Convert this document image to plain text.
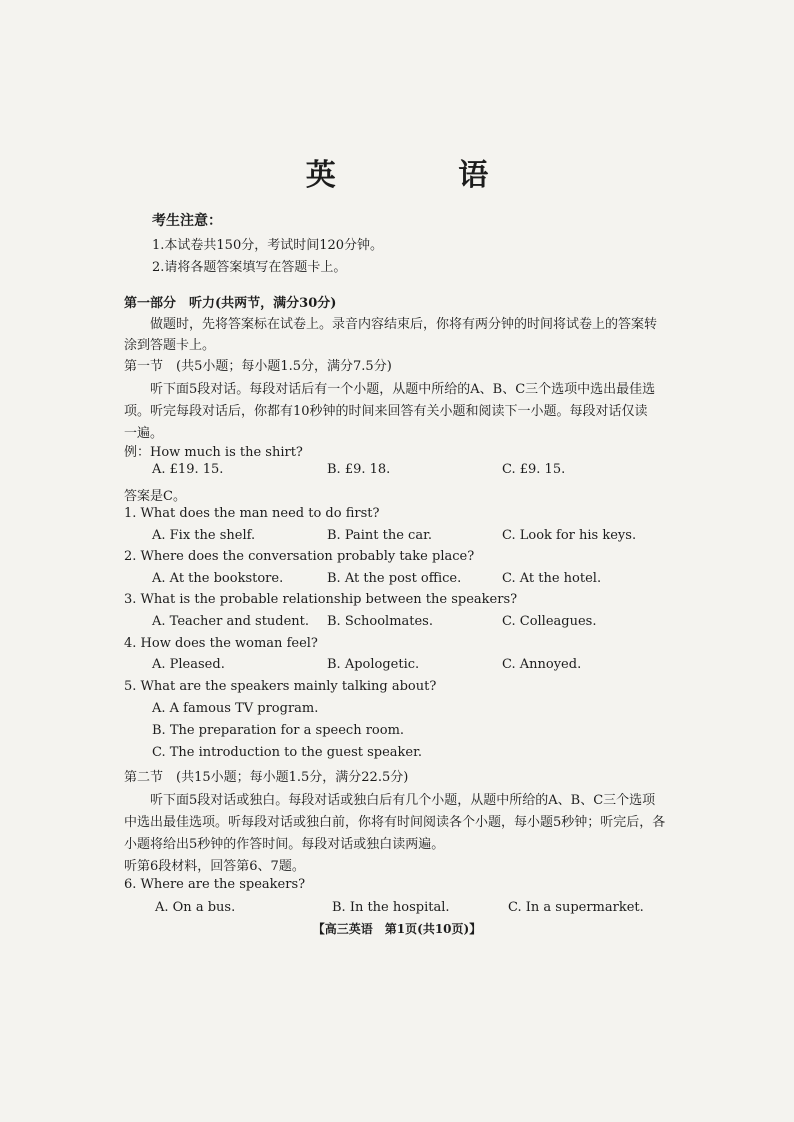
英 语
考生注意：
1.本试卷共150分，考试时间120分钟。
2.请将各题答案填写在答题卡上。
第一部分　听力(共两节，满分30分)
做题时，先将答案标在试卷上。录音内容结束后，你将有两分钟的时间将试卷上的答案转
涂到答题卡上。
第一节　(共5小题；每小题1.5分，满分7.5分)
听下面5段对话。每段对话后有一个小题，从题中所给的A、B、C三个选项中选出最佳选
项。听完每段对话后，你都有10秒钟的时间来回答有关小题和阅读下一小题。每段对话仅读
一遍。
例：How much is the shirt?
A. £19. 15.	B. £9. 18.	C. £9. 15.
答案是C。
1. What does the man need to do first?
A. Fix the shelf.	B. Paint the car.	C. Look for his keys.
2. Where does the conversation probably take place?
A. At the bookstore.	B. At the post office.	C. At the hotel.
3. What is the probable relationship between the speakers?
A. Teacher and student. B. Schoolmates.	C. Colleagues.
4. How does the woman feel?
A. Pleased.	B. Apologetic.	C. Annoyed.
5. What are the speakers mainly talking about?
A. A famous TV program.
B. The preparation for a speech room.
C. The introduction to the guest speaker.
第二节　(共15小题；每小题1.5分，满分22.5分)
听下面5段对话或独白。每段对话或独白后有几个小题，从题中所给的A、B、C三个选项
中选出最佳选项。听每段对话或独白前，你将有时间阅读各个小题，每小题5秒钟；听完后，各
小题将给出5秒钟的作答时间。每段对话或独白读两遍。
听第6段材料，回答第6、7题。
6. Where are the speakers?
A. On a bus.	B. In the hospital.	C. In a supermarket.
【高三英语　第1页(共10页)】
